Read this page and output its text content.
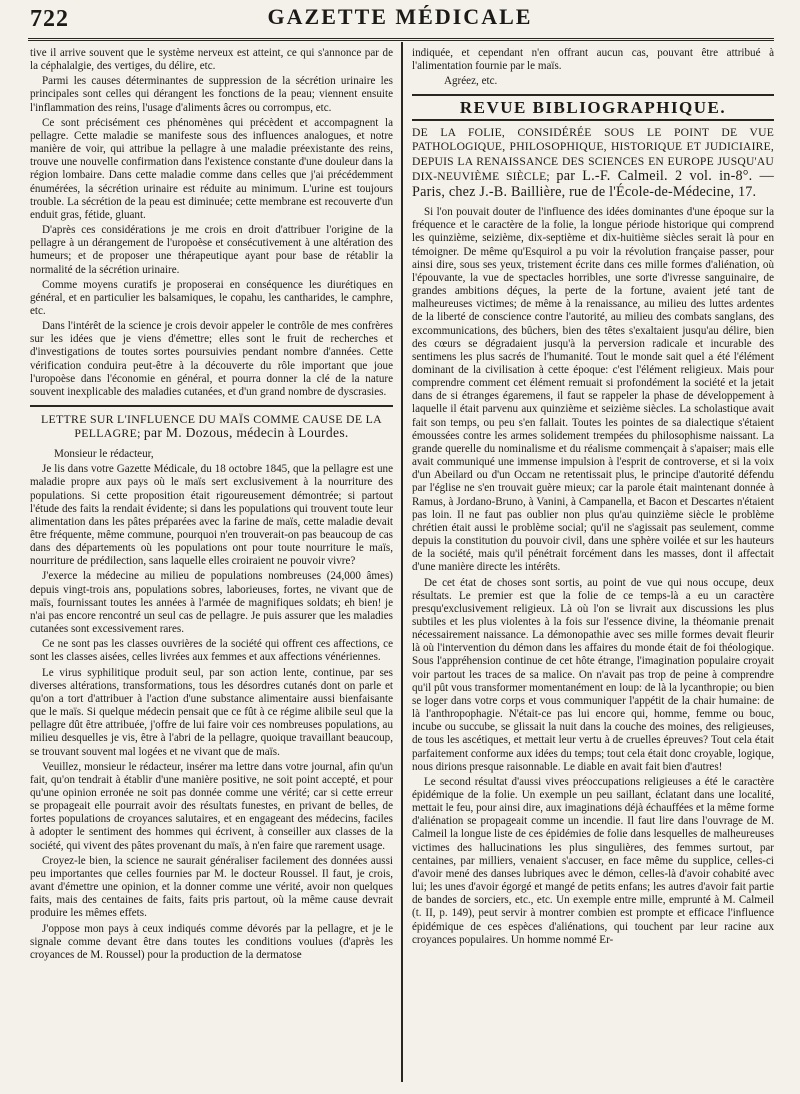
722	GAZETTE MÉDICALE

tive il arrive souvent que le système nerveux est atteint, ce qui s'annonce par de la céphalalgie, des vertiges, du délire, etc.

Parmi les causes déterminantes de suppression de la sécrétion urinaire les principales sont celles qui dérangent les fonctions de la peau; viennent ensuite l'inflammation des reins, l'usage d'aliments âcres ou corrompus, etc.

Ce sont précisément ces phénomènes qui précèdent et accompagnent la pellagre. Cette maladie se manifeste sous des influences analogues, et notre manière de voir, qui attribue la pellagre à une maladie préexistante des reins, trouve une nouvelle confirmation dans l'existence constante d'une douleur dans la région lombaire. Dans cette maladie comme dans celles que j'ai précédemment énumérées, la sécrétion urinaire est réduite au minimum. L'urine est toujours trouble. La sécrétion de la peau est diminuée; cette membrane est recouverte d'un enduit gras, fétide, gluant.

D'après ces considérations je me crois en droit d'attribuer l'origine de la pellagre à un dérangement de l'uropoèse et consécutivement à une altération des humeurs; et de proposer une thérapeutique ayant pour base de rétablir la normalité de la sécrétion urinaire.

Comme moyens curatifs je proposerai en conséquence les diurétiques en général, et en particulier les balsamiques, le copahu, les cantharides, le camphre, etc.

Dans l'intérêt de la science je crois devoir appeler le contrôle de mes confrères sur les idées que je viens d'émettre; elles sont le fruit de recherches et d'investigations de toutes sortes poursuivies pendant nombre d'années. Cette vérification conduira peut-être à la découverte du rôle important que joue l'uropoèse dans l'économie en général, et pourra donner la clé de la nature souvent inexplicable des maladies cutanées, et d'un grand nombre de dyscrasies.

LETTRE SUR L'INFLUENCE DU MAÏS COMME CAUSE DE LA PELLAGRE; par M. Dozous, médecin à Lourdes.

Monsieur le rédacteur,

Je lis dans votre Gazette Médicale, du 18 octobre 1845, que la pellagre est une maladie propre aux pays où le maïs sert exclusivement à la nourriture des populations. Si cette proposition était rigoureusement démontrée; si partout l'étude des faits la rendait évidente; si dans les populations qui trouvent toute leur alimentation dans les pâtes préparées avec la farine de maïs, cette maladie devait être fréquente, même commune, pourquoi n'en trouverait-on pas beaucoup de cas dans des départements où les populations ont pour toute nourriture le maïs, nourriture de prédilection, sans laquelle elles croiraient ne pouvoir vivre?

J'exerce la médecine au milieu de populations nombreuses (24,000 âmes) depuis vingt-trois ans, populations sobres, laborieuses, fortes, ne vivant que de maïs, fournissant toutes les années à l'armée de magnifiques soldats; eh bien! je n'ai pas encore rencontré un seul cas de pellagre. Je puis assurer que les maladies cutanées sont excessivement rares.

Ce ne sont pas les classes ouvrières de la société qui offrent ces affections, ce sont les classes aisées, celles livrées aux femmes et aux affections vénériennes.

Le virus syphilitique produit seul, par son action lente, continue, par ses diverses altérations, transformations, tous les désordres cutanés dont on parle et qu'on a tort d'attribuer à l'action d'une substance alimentaire aussi bienfaisante que le maïs. Si quelque médecin pensait que ce fût à ce régime alibile seul que la pellagre dût être attribuée, j'offre de lui faire voir ces nombreuses populations, au milieu desquelles je vis, être à l'abri de la pellagre, quoique travaillant beaucoup, se trouvant souvent mal logées et ne vivant que de maïs.

Veuillez, monsieur le rédacteur, insérer ma lettre dans votre journal, afin qu'un fait, qu'on tendrait à établir d'une manière positive, ne soit point accepté, et pour qu'une opinion erronée ne soit pas donnée comme une vérité; car si cette erreur se propageait elle pourrait avoir des résultats funestes, en privant de belles, de fortes populations de croyances salutaires, et en engageant des médecins, faciles à adopter le sentiment des hommes qui écrivent, à conseiller aux classes de la société, qui vivent des pâtes provenant du maïs, à n'en faire que rarement usage.

Croyez-le bien, la science ne saurait généraliser facilement des données aussi peu importantes que celles fournies par M. le docteur Roussel. Il faut, je crois, avant d'émettre une opinion, et la donner comme une vérité, avoir non quelques faits, mais des centaines de faits, faits pris partout, où la même cause devrait produire les mêmes effets.

J'oppose mon pays à ceux indiqués comme dévorés par la pellagre, et je le signale comme devant être dans toutes les conditions voulues (d'après les croyances de M. Roussel) pour la production de la dermatose

indiquée, et cependant n'en offrant aucun cas, pouvant être attribué à l'alimentation fournie par le maïs.

Agréez, etc.

REVUE BIBLIOGRAPHIQUE.
DE LA FOLIE, CONSIDÉRÉE SOUS LE POINT DE VUE PATHOLOGIQUE, PHILOSOPHIQUE, HISTORIQUE ET JUDICIAIRE, DEPUIS LA RENAISSANCE DES SCIENCES EN EUROPE JUSQU'AU DIX-NEUVIÈME SIÈCLE; par L.-F. Calmeil. 2 vol. in-8°. — Paris, chez J.-B. Baillière, rue de l'École-de-Médecine, 17.

Si l'on pouvait douter de l'influence des idées dominantes d'une époque sur la fréquence et le caractère de la folie, la longue période historique qui comprend les quinzième, seizième, dix-septième et dix-huitième siècles serait là pour en témoigner. De même qu'Esquirol a pu voir la révolution française passer, pour ainsi dire, sous ses yeux, tristement écrite dans ces mille formes d'aliénation, où l'épouvante, la vue de spectacles horribles, une sorte d'ivresse sanguinaire, de grandes ambitions déçues, la perte de la fortune, avaient jeté tant de malheureuses victimes; de même à la renaissance, au milieu des luttes ardentes de la liberté de conscience contre l'autorité, au milieu des combats sanglans, des excommunications, des bûchers, bien des têtes s'exaltaient jusqu'au délire, bien des cœurs se dégradaient jusqu'à la perversion radicale et incurable des sentimens les plus sacrés de l'humanité. Tout le monde sait quel a été l'élément dominant de la civilisation à cette époque: c'est l'élément religieux. Mais pour comprendre comment cet élément remuait si profondément la société et la jetait dans de si étranges égaremens, il faut se rappeler la phase de développement à laquelle il était parvenu aux quinzième et seizième siècles. La scholastique avait fait son temps, ou peu s'en fallait. Toutes les pointes de sa dialectique s'étaient émoussées contre les armes solidement trempées du philosophisme naissant. La grande querelle du nominalisme et du réalisme commençait à s'apaiser; mais elle avait communiqué une immense impulsion à l'esprit de controverse, et si la voix d'un Abeilard ou d'un Occam ne retentissait plus, le principe d'autorité défendu par l'église ne s'en trouvait guère mieux; car la parole était maintenant donnée à Ramus, à Jordano-Bruno, à Vanini, à Campanella, et Bacon et Descartes n'étaient pas loin. Il ne faut pas oublier non plus qu'au quinzième siècle le problème chrétien était aussi le problème social; qu'il ne s'agissait pas seulement, comme depuis la constitution du pouvoir civil, dans une sphère voilée et sur les hauteurs de la société, mais qu'il pénétrait forcément dans les masses, dont il affectait d'une manière directe les intérêts.

De cet état de choses sont sortis, au point de vue qui nous occupe, deux résultats. Le premier est que la folie de ce temps-là a eu un caractère presqu'exclusivement religieux. Là où l'on se livrait aux discussions les plus subtiles et les plus violentes à la fois sur l'essence divine, la théomanie prenait nécessairement naissance. La démonopathie avec ses mille formes devait fleurir là où l'intervention du démon dans les affaires du monde était de foi théologique. Sous l'appréhension continue de cet hôte étrange, l'imagination populaire croyait voir partout les traces de sa malice. On n'avait pas trop de peine à comprendre qu'il pût vous transformer momentanément en loup: de là la lycanthropie; ou bien se loger dans votre corps et vous communiquer l'appétit de la chair humaine: de là l'anthropophagie. N'était-ce pas lui encore qui, homme, femme ou bouc, incube ou succube, se glissait la nuit dans la couche des moines, des religieuses, de tous les ascétiques, et mettait leur vertu à de cruelles épreuves? Tout cela était parfaitement conforme aux idées du temps; tout cela était donc croyable, logique, nous dirions presque raisonnable. Le diable en avait fait bien d'autres!

Le second résultat d'aussi vives préoccupations religieuses a été le caractère épidémique de la folie. Un exemple un peu saillant, éclatant dans une localité, mettait le feu, pour ainsi dire, aux imaginations déjà échauffées et la même forme d'aliénation se propageait comme un incendie. Il faut lire dans l'ouvrage de M. Calmeil la longue liste de ces épidémies de folie dans lesquelles de malheureuses victimes des hallucinations les plus singulières, des femmes surtout, par centaines, par milliers, venaient s'accuser, en face même du supplice, celles-ci d'avoir mené des danses lubriques avec le démon, celles-là d'avoir cohabité avec lui; les unes d'avoir égorgé et mangé de petits enfans; les autres d'avoir fait partie de bandes de sorciers, etc., etc. Un exemple entre mille, emprunté à M. Calmeil (t. II, p. 149), peut servir à montrer combien est prompte et efficace l'influence épidémique de ces espèces d'aliénations, qui touchent par leur racine aux croyances populaires. Un homme nommé Er-
